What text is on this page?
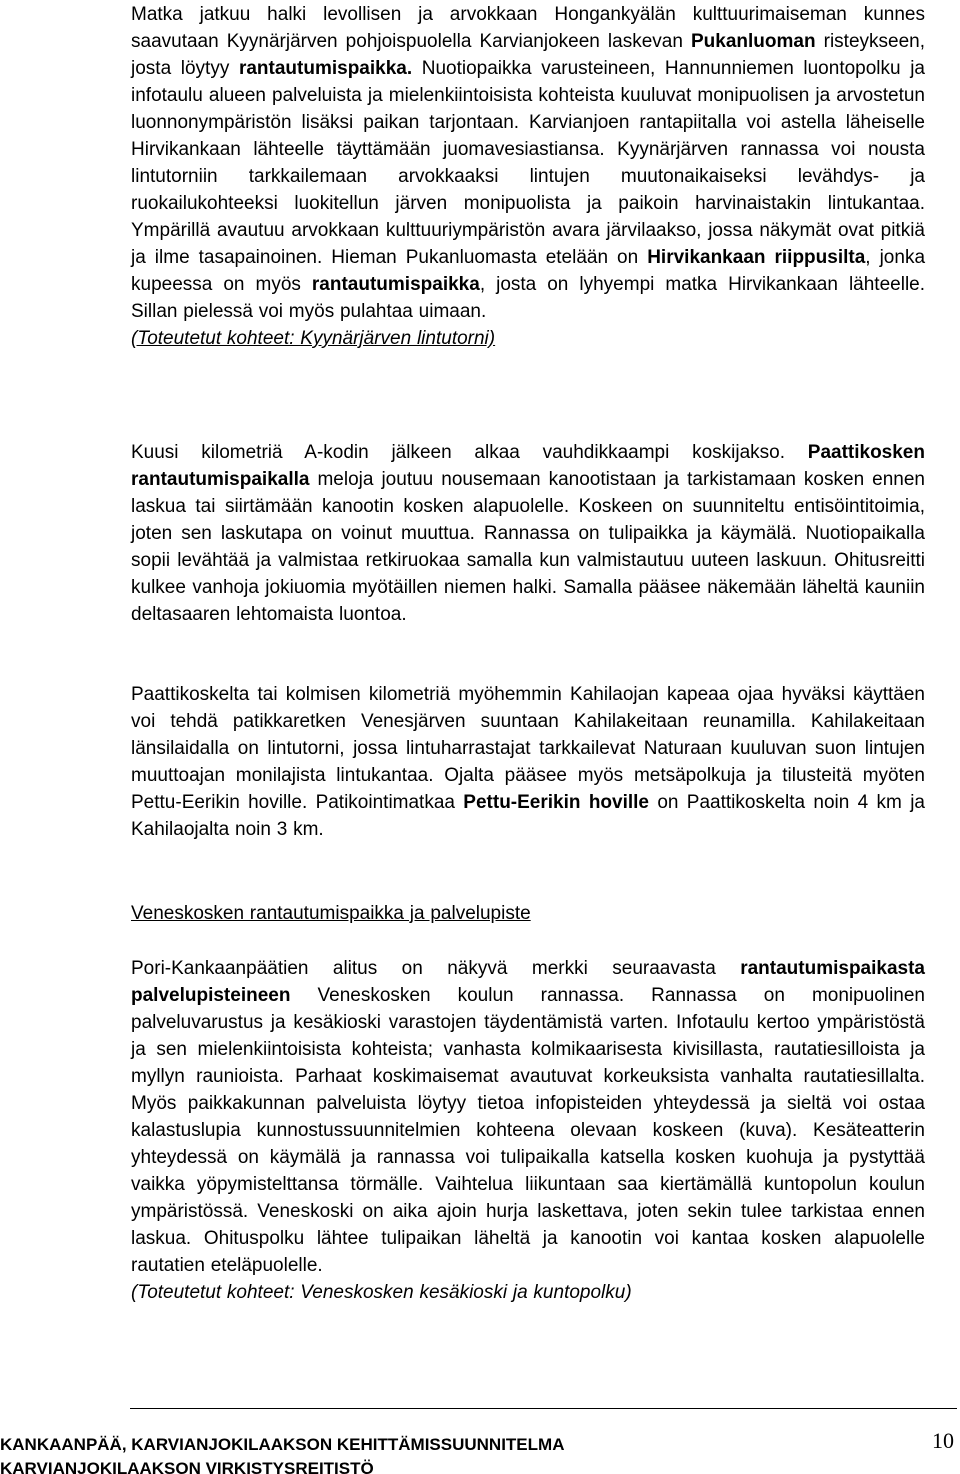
Matka jatkuu halki levollisen ja arvokkaan Hongankyälän kulttuurimaiseman kunnes saavutaan Kyynärjärven pohjoispuolella Karvianjokeen laskevan Pukanluoman risteykseen, josta löytyy rantautumispaikka. Nuotiopaikka varusteineen, Hannunniemen luontopolku ja infotaulu alueen palveluista ja mielenkiintoisista kohteista kuuluvat monipuolisen ja arvostetun luonnonympäristön lisäksi paikan tarjontaan. Karvianjoen rantapiitalla voi astella läheiselle Hirvikankaan lähteelle täyttämään juomavesiastiansa. Kyynärjärven rannassa voi nousta lintutorniin tarkkailemaan arvokkaaksi lintujen muutonaikaiseksi levähdys- ja ruokailukohteeksi luokitellun järven monipuolista ja paikoin harvinaistakin lintukantaa. Ympärillä avautuu arvokkaan kulttuuriympäristön avara järvilaakso, jossa näkymät ovat pitkiä ja ilme tasapainoinen. Hieman Pukanluomasta etelään on Hirvikankaan riippusilta, jonka kupeessa on myös rantautumispaikka, josta on lyhyempi matka Hirvikankaan lähteelle. Sillan pielessä voi myös pulahtaa uimaan.
(Toteutetut kohteet: Kyynärjärven lintutorni)

Kuusi kilometriä A-kodin jälkeen alkaa vauhdikkaampi koskijakso. Paattikosken rantautumispaikalla meloja joutuu nousemaan kanootistaan ja tarkistamaan kosken ennen laskua tai siirtämään kanootin kosken alapuolelle. Koskeen on suunniteltu entisöintitoimia, joten sen laskutapa on voinut muuttua. Rannassa on tulipaikka ja käymälä. Nuotiopaikalla sopii levähtää ja valmistaa retkiruokaa samalla kun valmistautuu uuteen laskuun. Ohitusreitti kulkee vanhoja jokiuomia myötäillen niemen halki. Samalla pääsee näkemään läheltä kauniin deltasaaren lehtomaista luontoa.

Paattikoskelta tai kolmisen kilometriä myöhemmin Kahilaojan kapeaa ojaa hyväksi käyttäen voi tehdä patikkaretken Venesjärven suuntaan Kahilakeitaan reunamilla. Kahilakeitaan länsilaidalla on lintutorni, jossa lintuharrastajat tarkkailevat Naturaan kuuluvan suon lintujen muuttoajan monilajista lintukantaa. Ojalta pääsee myös metsäpolkuja ja tilusteitä myöten Pettu-Eerikin hoville. Patikointimatkaa Pettu-Eerikin hoville on Paattikoskelta noin 4 km ja Kahilaojalta noin 3 km.

Veneskosken rantautumispaikka ja palvelupiste

Pori-Kankaanpäätien alitus on näkyvä merkki seuraavasta rantautumispaikasta palvelupisteineen Veneskosken koulun rannassa. Rannassa on monipuolinen palveluvarustus ja kesäkioski varastojen täydentämistä varten. Infotaulu kertoo ympäristöstä ja sen mielenkiintoisista kohteista; vanhasta kolmikaarisesta kivisillasta, rautatiesilloista ja myllyn raunioista. Parhaat koskimaisemat avautuvat korkeuksista vanhalta rautatiesillalta. Myös paikkakunnan palveluista löytyy tietoa infopisteiden yhteydessä ja sieltä voi ostaa kalastuslupia kunnostussuunnitelmien kohteena olevaan koskeen (kuva). Kesäteatterin yhteydessä on käymälä ja rannassa voi tulipaikalla katsella kosken kuohuja ja pystyttää vaikka yöpymistelttansa törmälle. Vaihtelua liikuntaan saa kiertämällä kuntopolun koulun ympäristössä. Veneskoski on aika ajoin hurja laskettava, joten sekin tulee tarkistaa ennen laskua. Ohituspolku lähtee tulipaikan läheltä ja kanootin voi kantaa kosken alapuolelle rautatien eteläpuolelle.
(Toteutetut kohteet: Veneskosken kesäkioski ja kuntopolku)

KANKAANPÄÄ, KARVIANJOKILAAKSON KEHITTÄMISSUUNNITELMA
KARVIANJOKILAAKSON VIRKISTYSREITISTÖ
10
